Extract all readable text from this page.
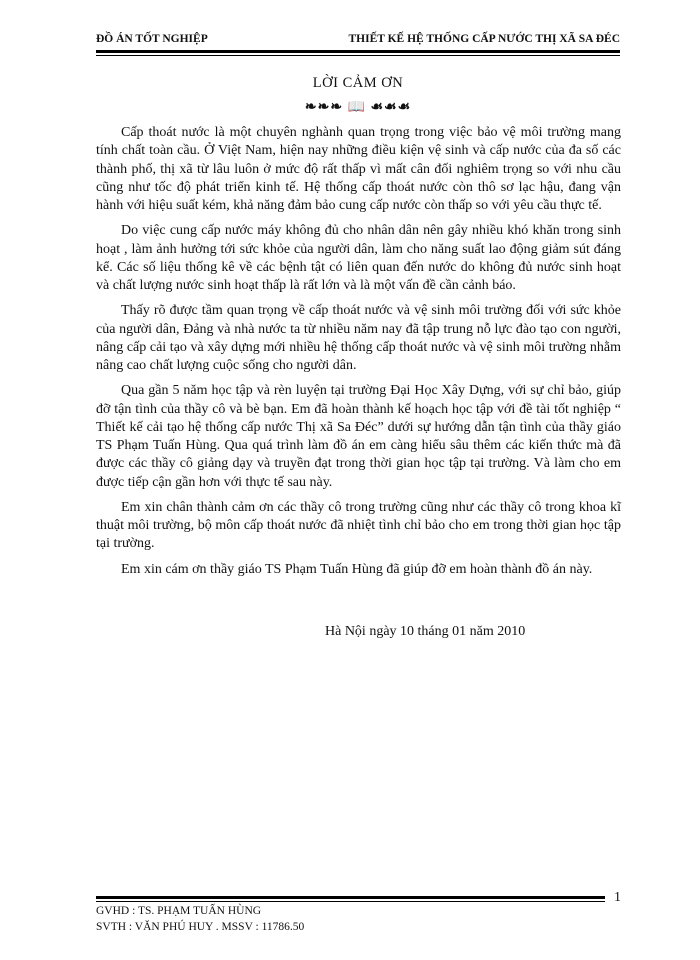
ĐỒ ÁN TỐT NGHIỆP	THIẾT KẾ HỆ THỐNG CẤP NƯỚC THỊ XÃ SA ĐÉC
LỜI CẢM ƠN
❧❧❧ 📖 ☙☙☙

Cấp thoát nước là một chuyên nghành quan trọng trong việc bảo vệ môi trường mang tính chất toàn cầu. Ở Việt Nam, hiện nay những điều kiện vệ sinh và cấp nước của đa số các thành phố, thị xã từ lâu luôn ở mức độ rất thấp vì mất cân đối nghiêm trọng so với nhu cầu cũng như tốc độ phát triển kinh tế. Hệ thống cấp thoát nước còn thô sơ lạc hậu, đang vận hành với hiệu suất kém, khả năng đảm bảo cung cấp nước còn thấp so với yêu cầu thực tế.

Do việc cung cấp nước máy không đủ cho nhân dân nên gây nhiều khó khăn trong sinh hoạt , làm ảnh hưởng tới sức khỏe của người dân, làm cho năng suất lao động giảm sút đáng kể. Các số liệu thống kê về các bệnh tật có liên quan đến nước do không đủ nước sinh hoạt và chất lượng nước sinh hoạt thấp là rất lớn và là một vấn đề cần cảnh báo.

Thấy rõ được tầm quan trọng về cấp thoát nước và vệ sinh môi trường đối với sức khỏe của người dân, Đảng và nhà nước ta từ nhiều năm nay đã tập trung nỗ lực đào tạo con người, nâng cấp cải tạo và xây dựng mới nhiều hệ thống cấp thoát nước và vệ sinh môi trường nhằm nâng cao chất lượng cuộc sống cho người dân.

Qua gần 5 năm học tập và rèn luyện tại trường Đại Học Xây Dựng, với sự chỉ bảo, giúp đỡ tận tình của thầy cô và bè bạn. Em đã hoàn thành kế hoạch học tập với đề tài tốt nghiệp “ Thiết kế cải tạo hệ thống cấp nước Thị xã Sa Đéc” dưới sự hướng dẫn tận tình của thầy giáo TS Phạm Tuấn Hùng. Qua quá trình làm đồ án em càng hiểu sâu thêm các kiến thức mà đã được các thầy cô giảng dạy và truyền đạt trong thời gian học tập tại trường. Và làm cho em được tiếp cận gần hơn với thực tế sau này.

Em xin chân thành cảm ơn các thầy cô trong trường cũng như các thầy cô trong khoa kĩ thuật môi trường, bộ môn cấp thoát nước đã nhiệt tình chỉ bảo cho em trong thời gian học tập tại trường.

Em xin cám ơn thầy giáo TS Phạm Tuấn Hùng đã giúp đỡ em hoàn thành đồ án này.

Hà Nội ngày 10 tháng 01 năm 2010
1
GVHD : TS. PHẠM TUẤN HÙNG
SVTH : VĂN PHÚ HUY . MSSV : 11786.50
